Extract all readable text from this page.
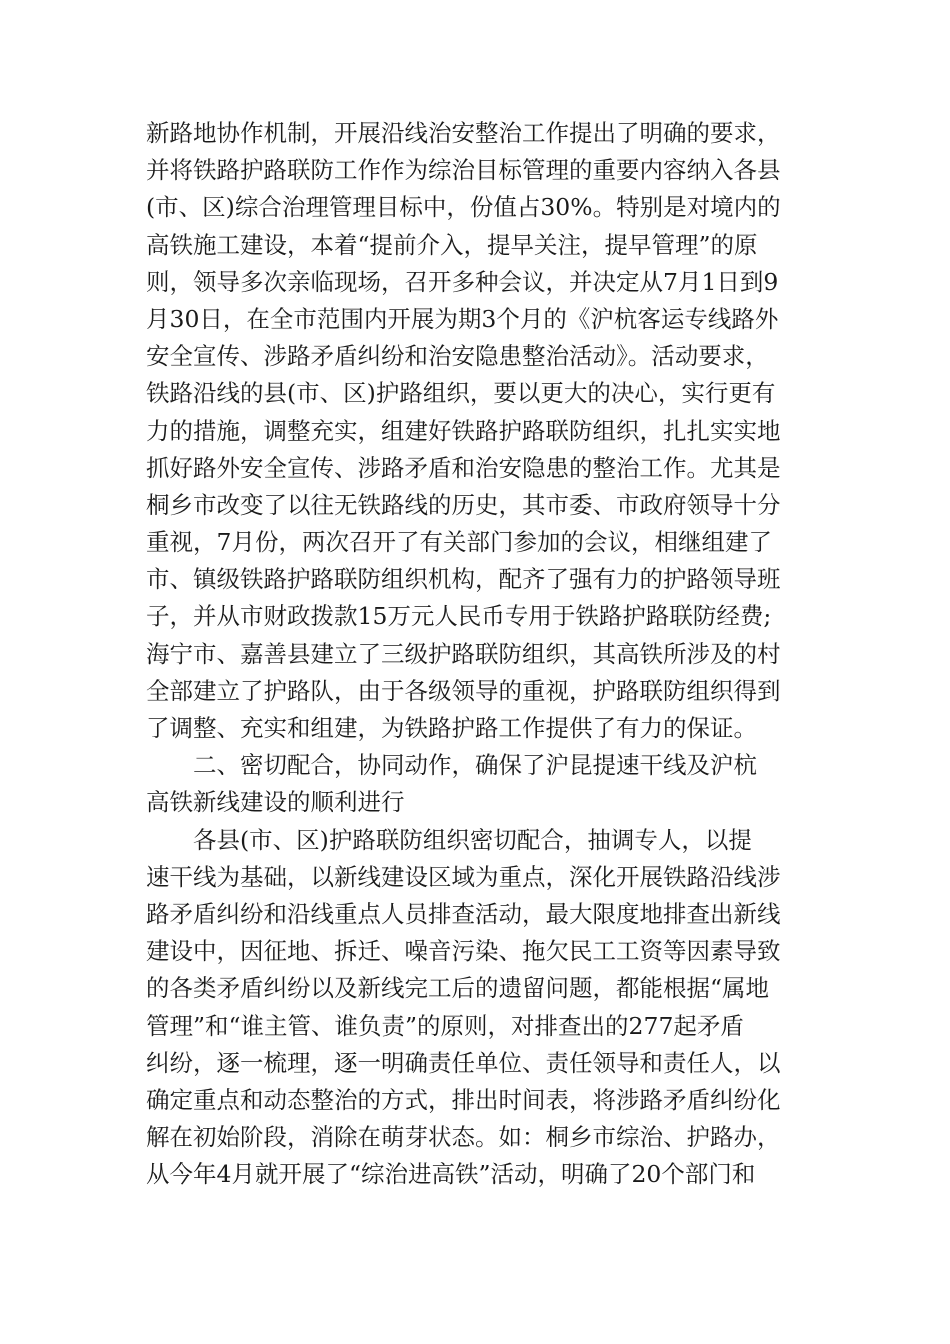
新路地协作机制，开展沿线治安整治工作提出了明确的要求，
并将铁路护路联防工作作为综治目标管理的重要内容纳入各县
(市、区)综合治理管理目标中，份值占30%。特别是对境内的
高铁施工建设，本着“提前介入，提早关注，提早管理”的原
则，领导多次亲临现场，召开多种会议，并决定从7月1日到9
月30日，在全市范围内开展为期3个月的《沪杭客运专线路外
安全宣传、涉路矛盾纠纷和治安隐患整治活动》。活动要求，
铁路沿线的县(市、区)护路组织，要以更大的决心，实行更有
力的措施，调整充实，组建好铁路护路联防组织，扎扎实实地
抓好路外安全宣传、涉路矛盾和治安隐患的整治工作。尤其是
桐乡市改变了以往无铁路线的历史，其市委、市政府领导十分
重视，7月份，两次召开了有关部门参加的会议，相继组建了
市、镇级铁路护路联防组织机构，配齐了强有力的护路领导班
子，并从市财政拨款15万元人民币专用于铁路护路联防经费;
海宁市、嘉善县建立了三级护路联防组织，其高铁所涉及的村
全部建立了护路队，由于各级领导的重视，护路联防组织得到
了调整、充实和组建，为铁路护路工作提供了有力的保证。
二、密切配合，协同动作，确保了沪昆提速干线及沪杭
高铁新线建设的顺利进行
各县(市、区)护路联防组织密切配合，抽调专人，以提
速干线为基础，以新线建设区域为重点，深化开展铁路沿线涉
路矛盾纠纷和沿线重点人员排查活动，最大限度地排查出新线
建设中，因征地、拆迁、噪音污染、拖欠民工工资等因素导致
的各类矛盾纠纷以及新线完工后的遗留问题，都能根据“属地
管理”和“谁主管、谁负责”的原则，对排查出的277起矛盾
纠纷，逐一梳理，逐一明确责任单位、责任领导和责任人，以
确定重点和动态整治的方式，排出时间表，将涉路矛盾纠纷化
解在初始阶段，消除在萌芽状态。如：桐乡市综治、护路办，
从今年4月就开展了“综治进高铁”活动，明确了20个部门和
